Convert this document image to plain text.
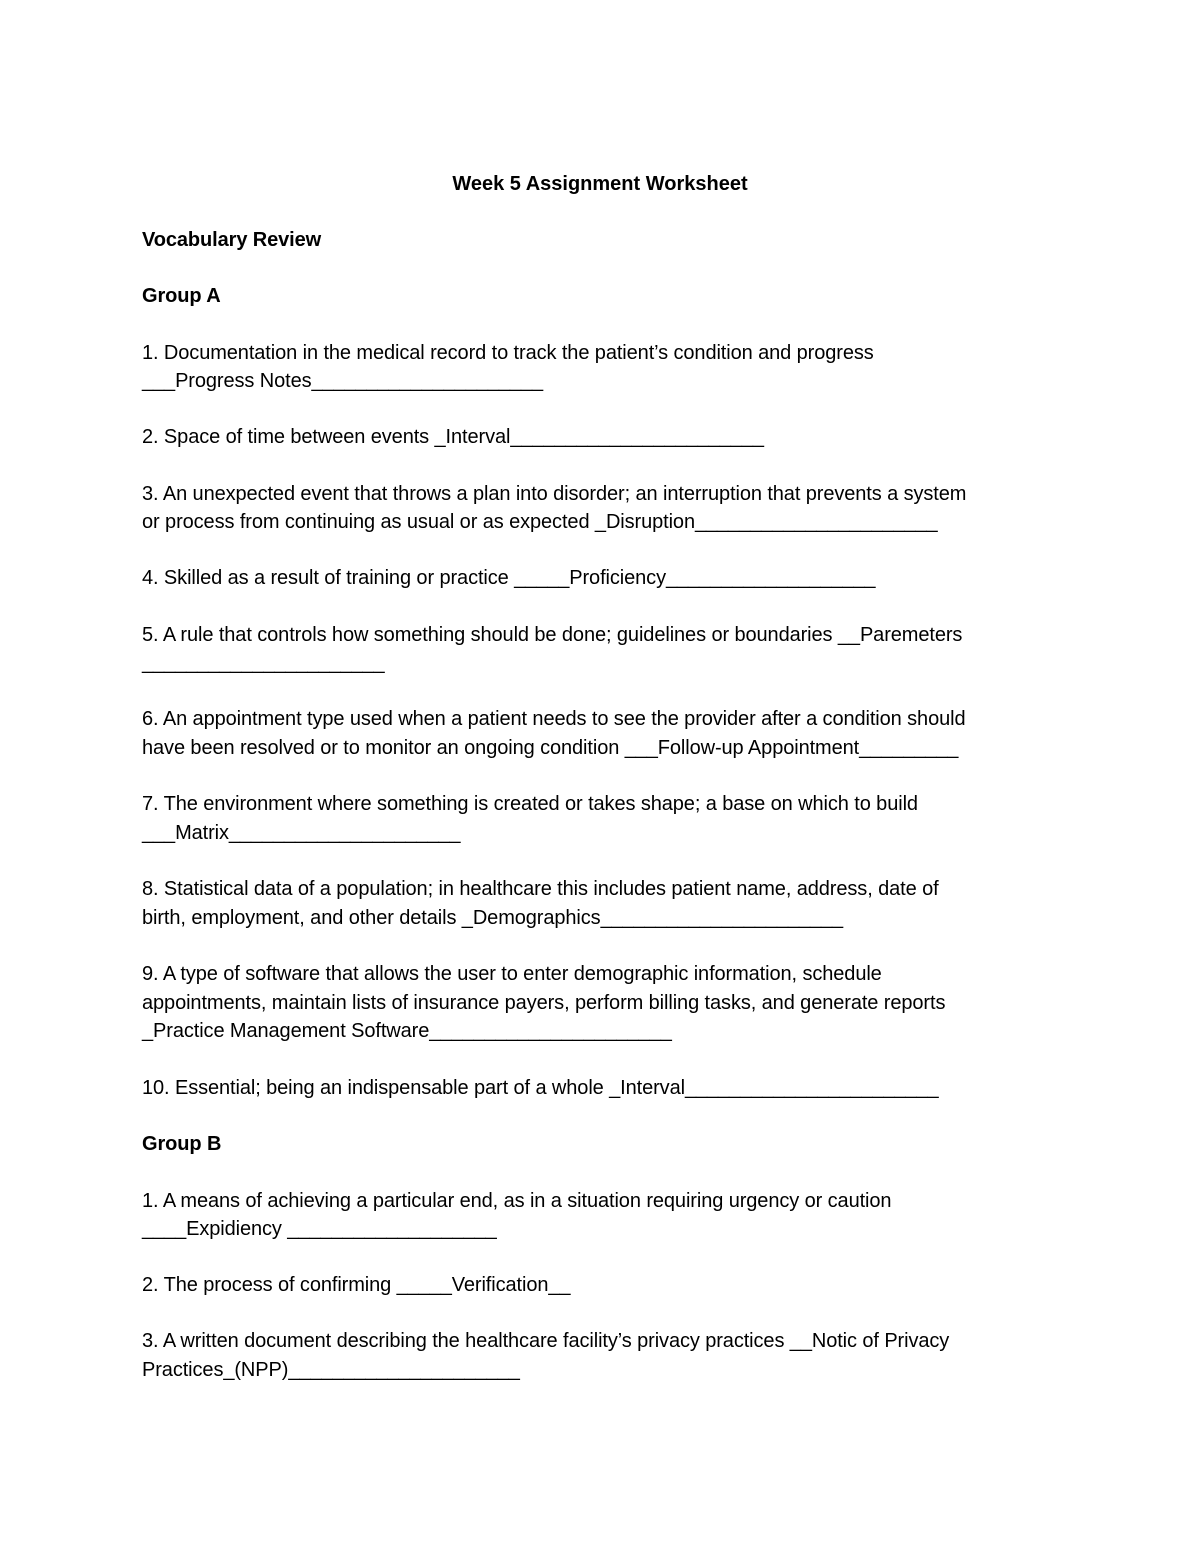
Week 5 Assignment Worksheet
Vocabulary Review
Group A
1. Documentation in the medical record to track the patient’s condition and progress
___Progress Notes_____________________
2. Space of time between events _Interval_______________________
3. An unexpected event that throws a plan into disorder; an interruption that prevents a system
or process from continuing as usual or as expected _Disruption______________________
4. Skilled as a result of training or practice _____Proficiency___________________
5. A rule that controls how something should be done; guidelines or boundaries __Paremeters
______________________
6. An appointment type used when a patient needs to see the provider after a condition should
have been resolved or to monitor an ongoing condition ___Follow-up Appointment_________
7. The environment where something is created or takes shape; a base on which to build
___Matrix_____________________
8. Statistical data of a population; in healthcare this includes patient name, address, date of
birth, employment, and other details _Demographics______________________
9. A type of software that allows the user to enter demographic information, schedule
appointments, maintain lists of insurance payers, perform billing tasks, and generate reports
_Practice Management Software______________________
10. Essential; being an indispensable part of a whole _Interval_______________________
Group B
1. A means of achieving a particular end, as in a situation requiring urgency or caution
____Expidiency ___________________
2. The process of confirming _____Verification__
3. A written document describing the healthcare facility’s privacy practices __Notic of Privacy
Practices_(NPP)_____________________
